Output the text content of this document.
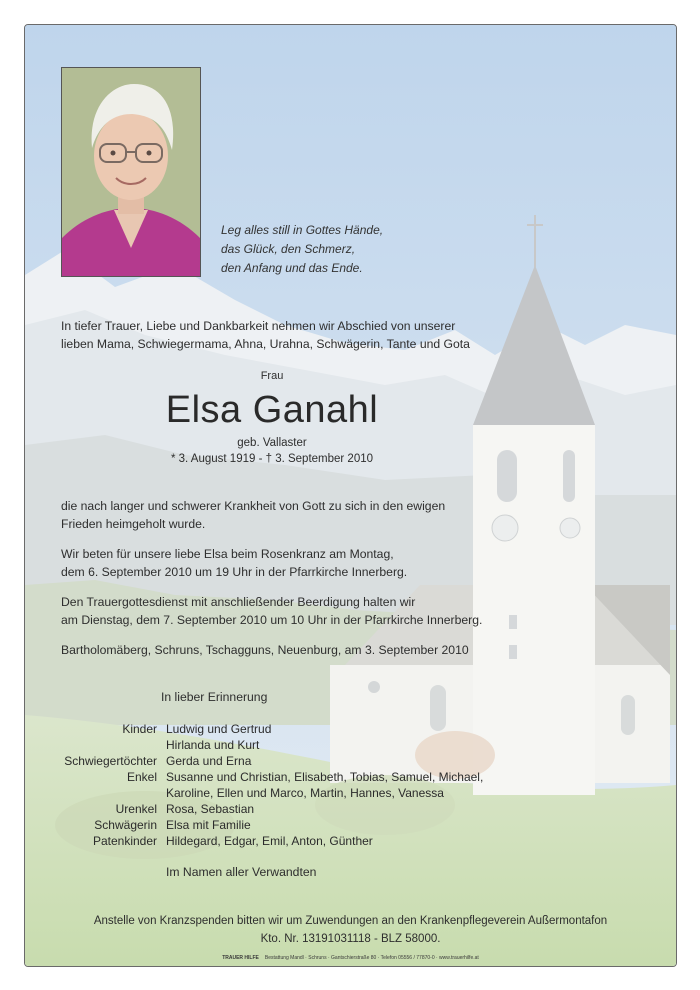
Leg alles still in Gottes Hände,
das Glück, den Schmerz,
den Anfang und das Ende.
In tiefer Trauer, Liebe und Dankbarkeit nehmen wir Abschied von unserer
lieben Mama, Schwiegermama, Ahna, Urahna, Schwägerin, Tante und Gota
Frau
Elsa Ganahl
geb. Vallaster
* 3. August 1919 - † 3. September 2010
die nach langer und schwerer Krankheit von Gott zu sich in den ewigen
Frieden heimgeholt wurde.
Wir beten für unsere liebe Elsa beim Rosenkranz am Montag,
dem 6. September 2010 um 19 Uhr in der Pfarrkirche Innerberg.
Den Trauergottesdienst mit anschließender Beerdigung halten wir
am Dienstag, dem 7. September 2010 um 10 Uhr in der Pfarrkirche Innerberg.
Bartholomäberg, Schruns, Tschagguns, Neuenburg, am 3. September 2010
In lieber Erinnerung
Kinder Ludwig und Gertrud
Hirlanda und Kurt
Schwiegertöchter Gerda und Erna
Enkel Susanne und Christian, Elisabeth, Tobias, Samuel, Michael,
Karoline, Ellen und Marco, Martin, Hannes, Vanessa
Urenkel Rosa, Sebastian
Schwägerin Elsa mit Familie
Patenkinder Hildegard, Edgar, Emil, Anton, Günther
Im Namen aller Verwandten
Anstelle von Kranzspenden bitten wir um Zuwendungen an den Krankenpflegeverein Außermontafon
Kto. Nr. 13191031118 - BLZ 58000.
TRAUER HILFE Bestattung Mandl · Schruns · Gantschierstraße 80 · Telefon 05556 / 77870-0 · www.trauerhilfe.at
